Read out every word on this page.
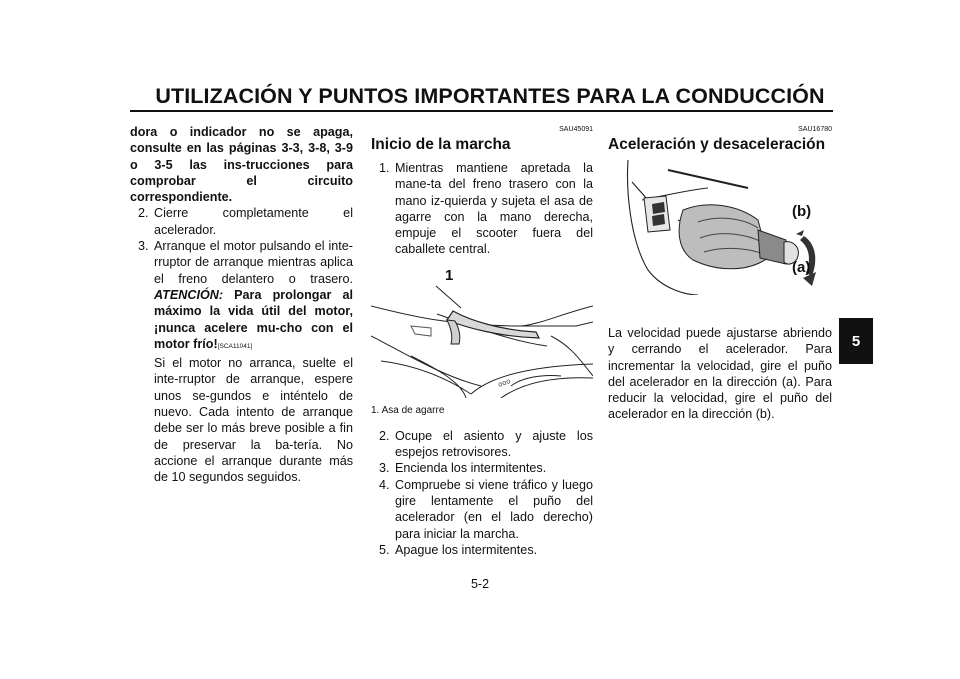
UTILIZACIÓN Y PUNTOS IMPORTANTES PARA LA CONDUCCIÓN
5
dora o indicador no se apaga, consulte en las páginas 3-3, 3-8, 3-9 o 3-5 las ins-trucciones para comprobar el circuito correspondiente.
2. Cierre completamente el acelerador.
3. Arranque el motor pulsando el inte-rruptor de arranque mientras aplica el freno delantero o trasero. ATENCIÓN: Para prolongar al máximo la vida útil del motor, ¡nunca acelere mu-cho con el motor frío![SCA11041]
Si el motor no arranca, suelte el inte-rruptor de arranque, espere unos se-gundos e inténtelo de nuevo. Cada intento de arranque debe ser lo más breve posible a fin de preservar la ba-tería. No accione el arranque durante más de 10 segundos seguidos.
SAU45091
Inicio de la marcha
1. Mientras mantiene apretada la mane-ta del freno trasero con la mano iz-quierda y sujeta el asa de agarre con la mano derecha, empuje el scooter fuera del caballete central.
ooo
1
1. Asa de agarre
2. Ocupe el asiento y ajuste los espejos retrovisores.
3. Encienda los intermitentes.
4. Compruebe si viene tráfico y luego gire lentamente el puño del acelerador (en el lado derecho) para iniciar la marcha.
5. Apague los intermitentes.
SAU16780
Aceleración y desaceleración
(b)
(a)
La velocidad puede ajustarse abriendo y cerrando el acelerador. Para incrementar la velocidad, gire el puño del acelerador en la dirección (a). Para reducir la velocidad, gire el puño del acelerador en la dirección (b).
5-2
